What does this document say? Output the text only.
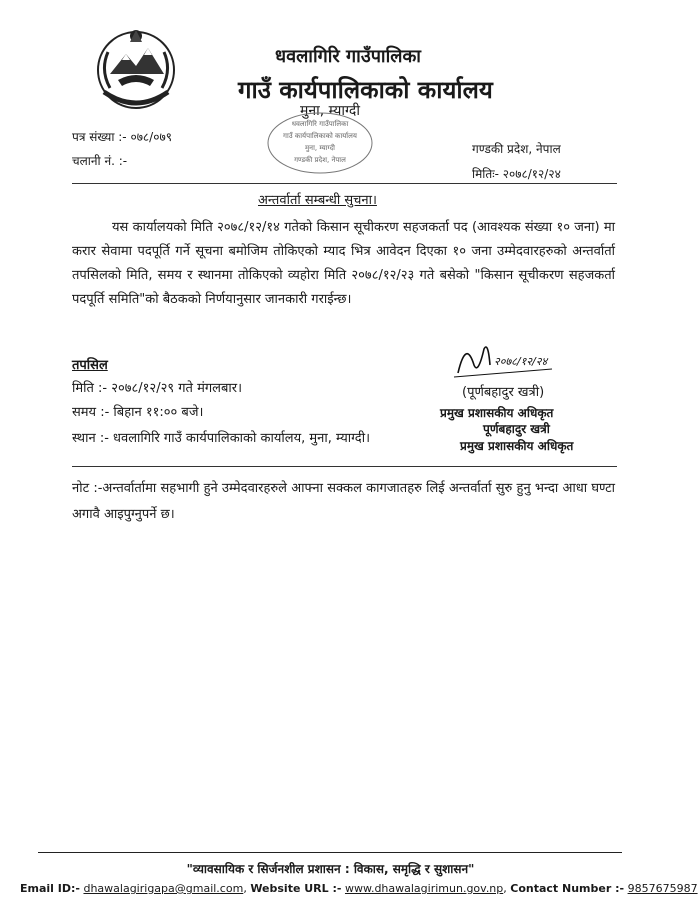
धवलागिरि गाउँपालिका
गाउँ कार्यपालिकाको कार्यालय
मुना, म्याग्दी
पत्र संख्या :- ०७८/०७९
चलानी नं. :-
गण्डकी प्रदेश, नेपाल
मितिः- २०७८/१२/२४
धवलागिरि गाउँपालिका
गाउँ कार्यपालिकाको कार्यालय
मुना, म्याग्दी
गण्डकी प्रदेश, नेपाल
अन्तर्वार्ता सम्बन्धी सुचना।
यस कार्यालयको मिति २०७८/१२/१४ गतेको किसान सूचीकरण सहजकर्ता पद (आवश्यक संख्या १० जना) मा करार सेवामा पदपूर्ति गर्ने सूचना बमोजिम तोकिएको म्याद भित्र आवेदन दिएका १० जना उम्मेदवारहरुको अन्तर्वार्ता तपसिलको मिति, समय र स्थानमा तोकिएको व्यहोरा मिति २०७८/१२/२३ गते बसेको "किसान सूचीकरण सहजकर्ता पदपूर्ति समिति"को बैठकको निर्णयानुसार जानकारी गराईन्छ।
तपसिल
मिति :- २०७८/१२/२९ गते मंगलबार।
समय :- बिहान ११:०० बजे।
स्थान :- धवलागिरि गाउँ कार्यपालिकाको कार्यालय, मुना, म्याग्दी।
२०७८/१२/२४
(पूर्णबहादुर खत्री)
प्रमुख प्रशासकीय अधिकृत
पूर्णबहादुर खत्री
प्रमुख प्रशासकीय अधिकृत
नोट :-अन्तर्वार्तामा सहभागी हुने उम्मेदवारहरुले आफ्ना सक्कल कागजातहरु लिई अन्तर्वार्ता सुरु हुनु भन्दा आधा घण्टा अगावै आइपुग्नुपर्ने छ।
"व्यावसायिक र सिर्जनशील प्रशासन : विकास, समृद्धि र सुशासन"
Email ID:- dhawalagirigapa@gmail.com, Website URL :- www.dhawalagirimun.gov.np, Contact Number :- 9857675987
